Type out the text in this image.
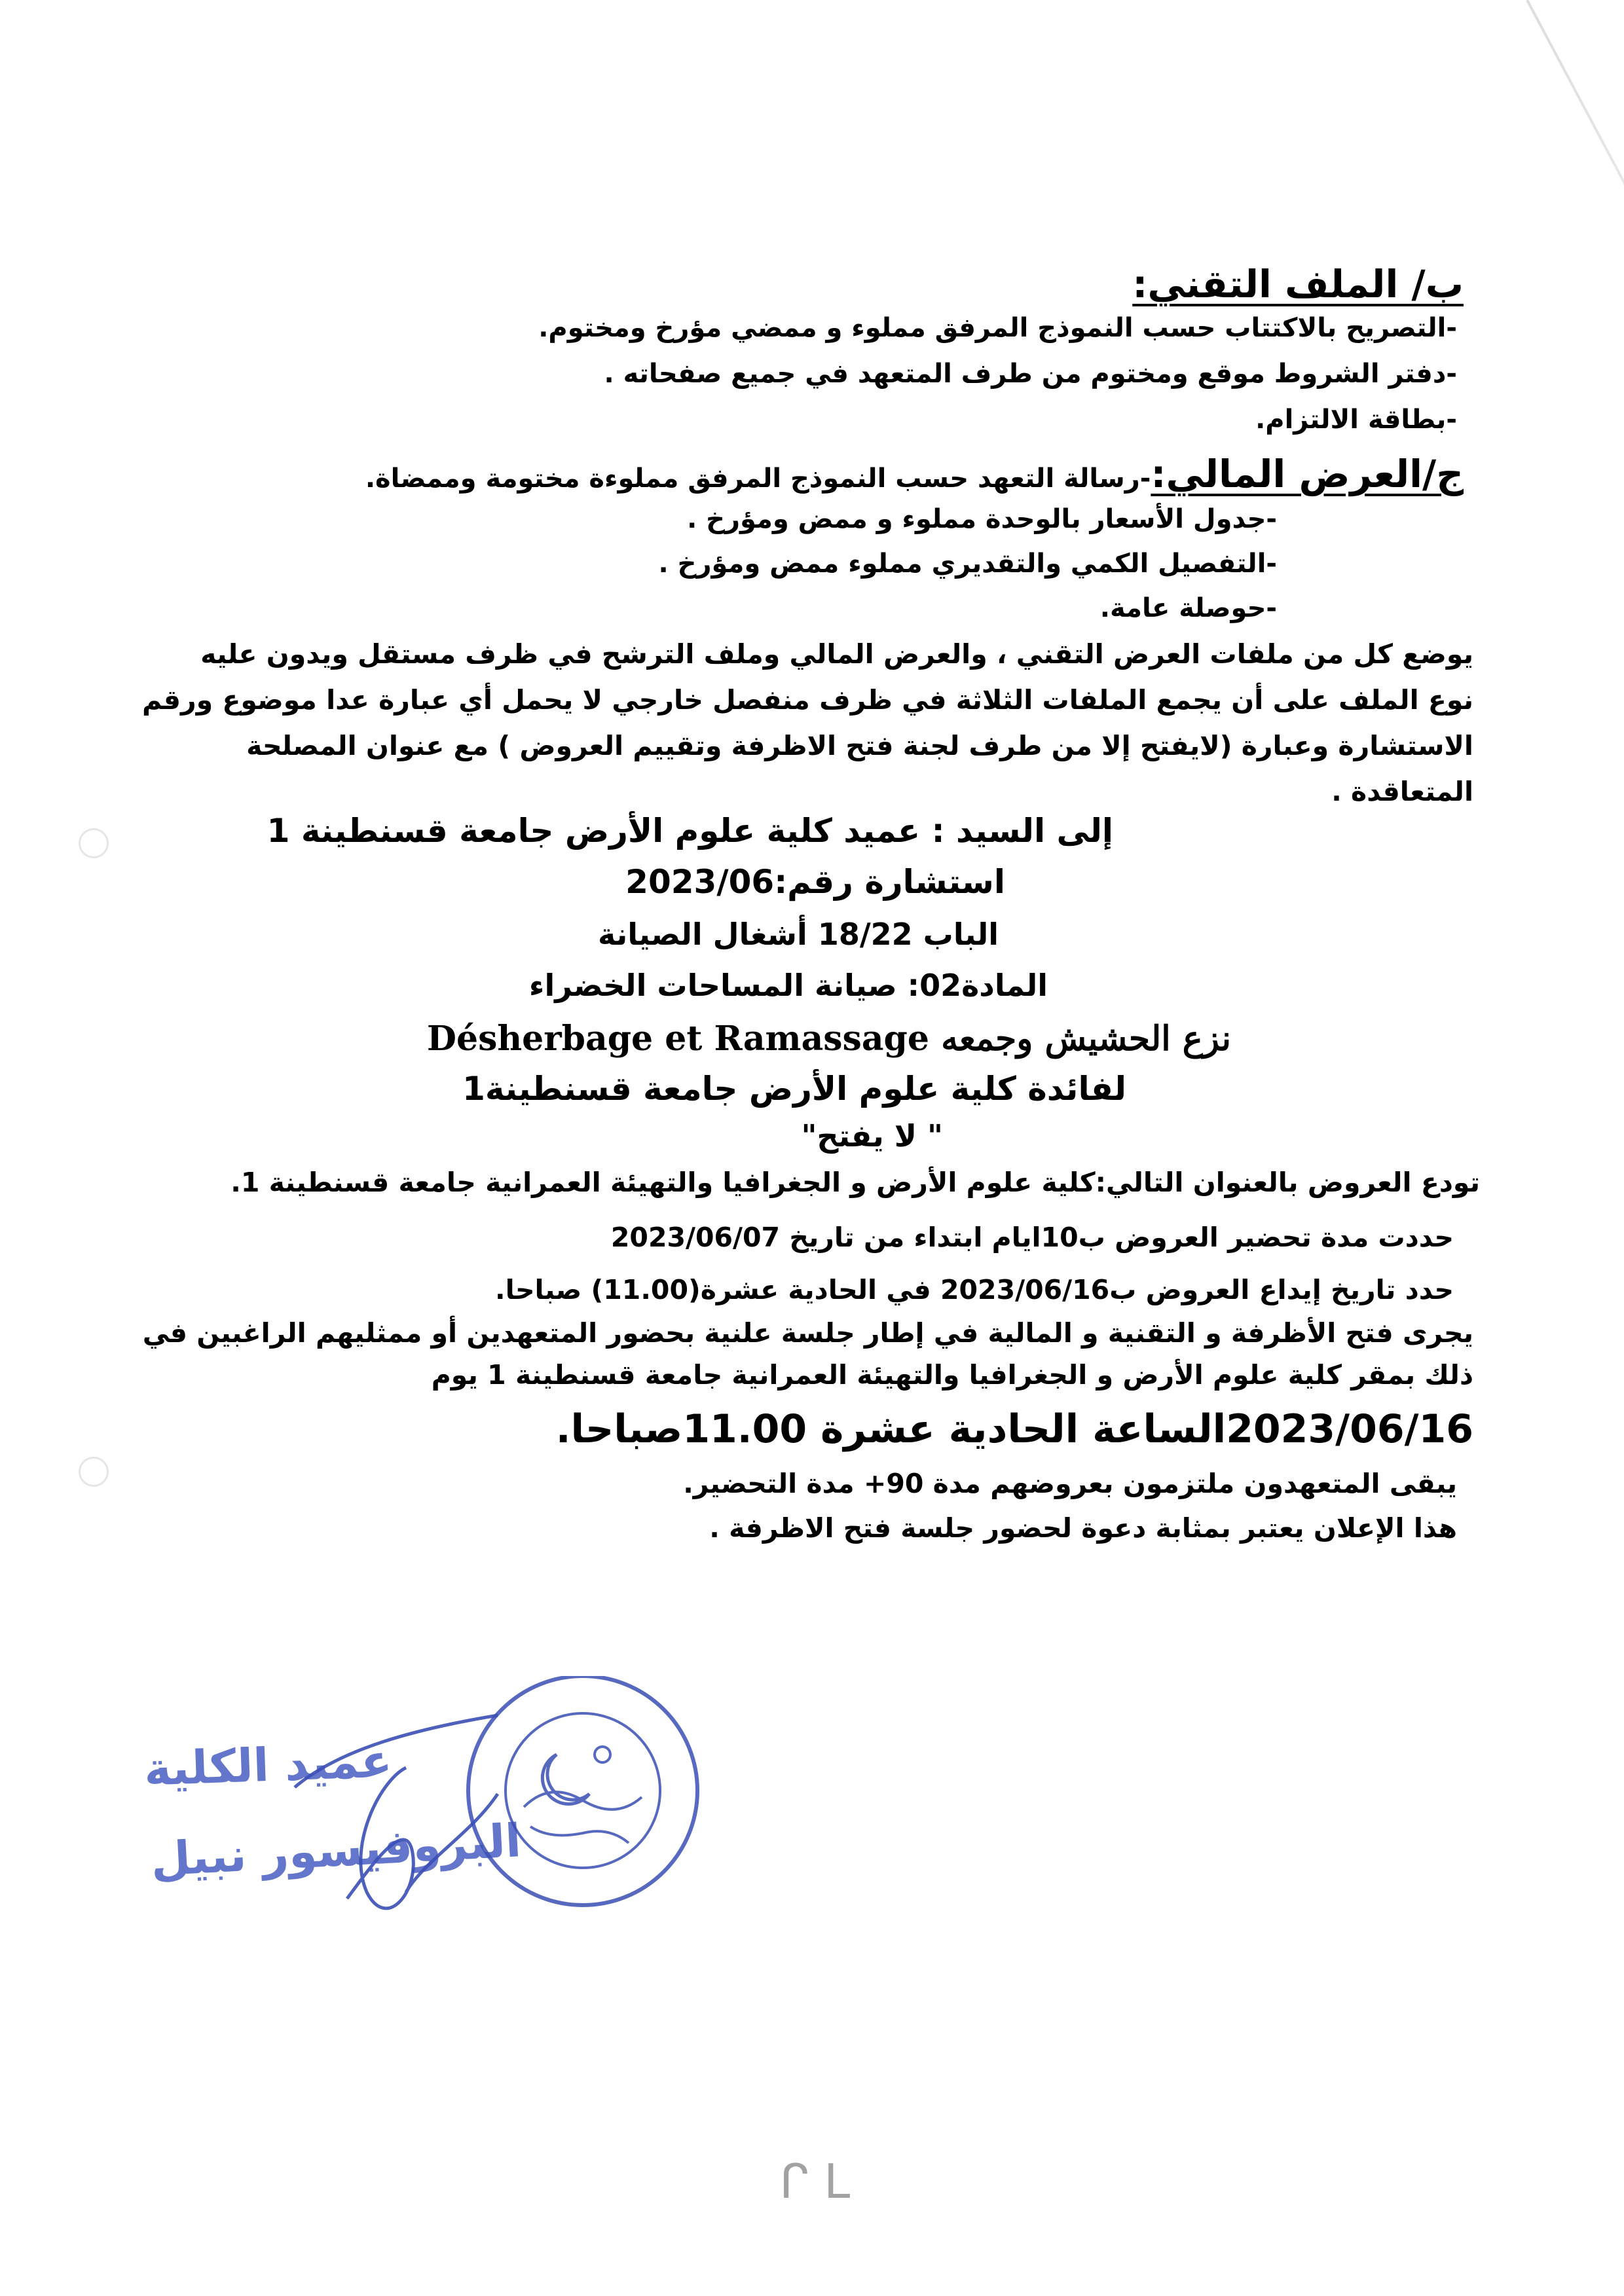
ب/ الملف التقني:
-التصريح بالاكتتاب حسب النموذج المرفق مملوء و ممضي مؤرخ ومختوم.
-دفتر الشروط موقع ومختوم من طرف المتعهد في جميع صفحاته .
-بطاقة الالتزام.
ج/العرض المالي:-رسالة التعهد حسب النموذج المرفق مملوءة مختومة وممضاة.
-جدول الأسعار بالوحدة مملوء و ممض ومؤرخ .
-التفصيل الكمي والتقديري مملوء ممض ومؤرخ .
-حوصلة عامة.
يوضع كل من ملفات العرض التقني ، والعرض المالي وملف الترشح في ظرف مستقل ويدون عليه
نوع الملف على أن يجمع الملفات الثلاثة في ظرف منفصل خارجي لا يحمل أي عبارة عدا موضوع ورقم
الاستشارة وعبارة (لايفتح إلا من طرف لجنة فتح الاظرفة وتقييم العروض ) مع عنوان المصلحة
المتعاقدة .
إلى السيد : عميد كلية علوم الأرض جامعة قسنطينة 1
استشارة رقم:2023/06
الباب 18/22 أشغال الصيانة
المادة02: صيانة المساحات الخضراء
نزع الحشيش وجمعه Désherbage et Ramassage
لفائدة كلية علوم الأرض جامعة قسنطينة1
" لا يفتح"
تودع العروض بالعنوان التالي:كلية علوم الأرض و الجغرافيا والتهيئة العمرانية جامعة قسنطينة 1.
حددت مدة تحضير العروض ب10ايام ابتداء من تاريخ 2023/06/07
حدد تاريخ إيداع العروض ب2023/06/16 في الحادية عشرة(11.00) صباحا.
يجرى فتح الأظرفة و التقنية و المالية في إطار جلسة علنية بحضور المتعهدين أو ممثليهم الراغبين في
ذلك بمقر كلية علوم الأرض و الجغرافيا والتهيئة العمرانية جامعة قسنطينة 1 يوم
2023/06/16الساعة الحادية عشرة 11.00صباحا.
يبقى المتعهدون ملتزمون بعروضهم مدة 90+ مدة التحضير.
هذا الإعلان يعتبر بمثابة دعوة لحضور جلسة فتح الاظرفة .
عميد الكلية
البروفيسور نبيل
ᒋ L
